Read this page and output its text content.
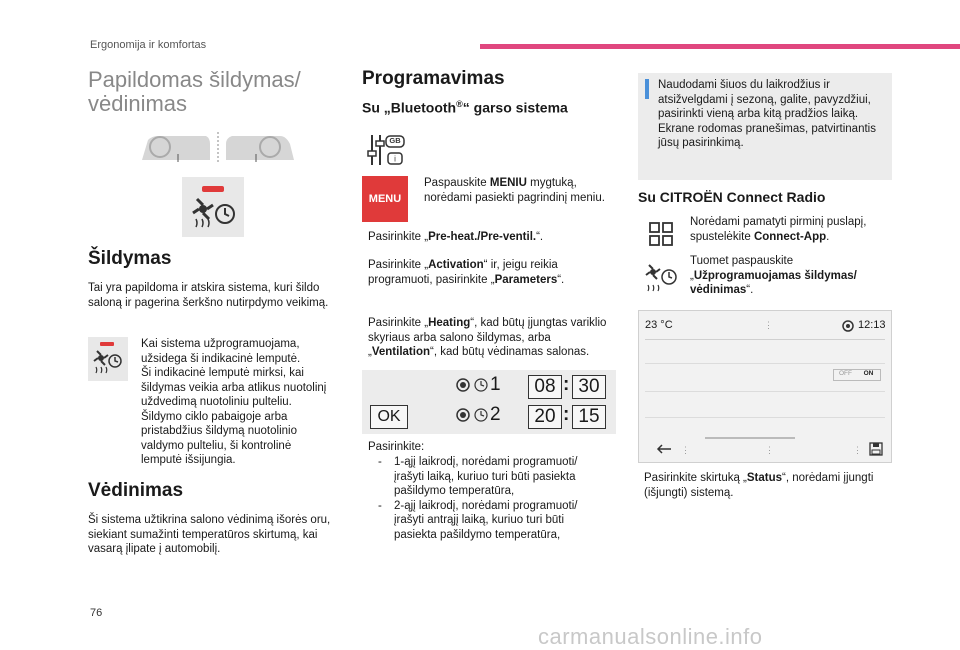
Ergonomija ir komfortas
Papildomas šildymas/ vėdinimas
Šildymas
Tai yra papildoma ir atskira sistema, kuri šildo saloną ir pagerina šerkšno nutirpdymo veikimą.
Kai sistema užprogramuojama,
užsidega ši indikacinė lemputė.
Ši indikacinė lemputė mirksi, kai
šildymas veikia arba atlikus nuotolinį
uždvedimą nuotoliniu pulteliu.
Šildymo ciklo pabaigoje arba
pristabdžius šildymą nuotolinio
valdymo pulteliu, ši kontrolinė
lemputė išsijungia.
Vėdinimas
Ši sistema užtikrina salono vėdinimą išorės oru, siekiant sumažinti temperatūros skirtumą, kai vasarą įlipate į automobilį.
Programavimas
Su „Bluetooth®“ garso sistema
i
GB
MENU
Paspauskite MENIU mygtuką, norėdami pasiekti pagrindinį meniu.
Pasirinkite „Pre-heat./Pre-ventil.“.
Pasirinkite „Activation“ ir, jeigu reikia programuoti, pasirinkite „Parameters“.
Pasirinkite „Heating“, kad būtų įjungtas variklio skyriaus arba salono šildymas, arba „Ventilation“, kad būtų vėdinamas salonas.
OK
1	08 : 30
2	20 : 15
Pasirinkite:
-	1-ąjį laikrodį, norėdami programuoti/ įrašyti laiką, kuriuo turi būti pasiekta pašildymo temperatūra,
-	2-ąjį laikrodį, norėdami programuoti/ įrašyti antrąjį laiką, kuriuo turi būti pasiekta pašildymo temperatūra,
Naudodami šiuos du laikrodžius ir atsižvelgdami į sezoną, galite, pavyzdžiui, pasirinkti vieną arba kitą pradžios laiką. Ekrane rodomas pranešimas, patvirtinantis jūsų pasirinkimą.
Su CITROËN Connect Radio
Norėdami pamatyti pirminį puslapį, spustelėkite Connect-App.
Tuomet paspauskite „Užprogramuojamas šildymas/ vėdinimas“.
23 °C	⋮	12:13
OFF	ON
⋮	⋮	⋮
Pasirinkite skirtuką „Status“, norėdami įjungti (išjungti) sistemą.
76
carmanualsonline.info
